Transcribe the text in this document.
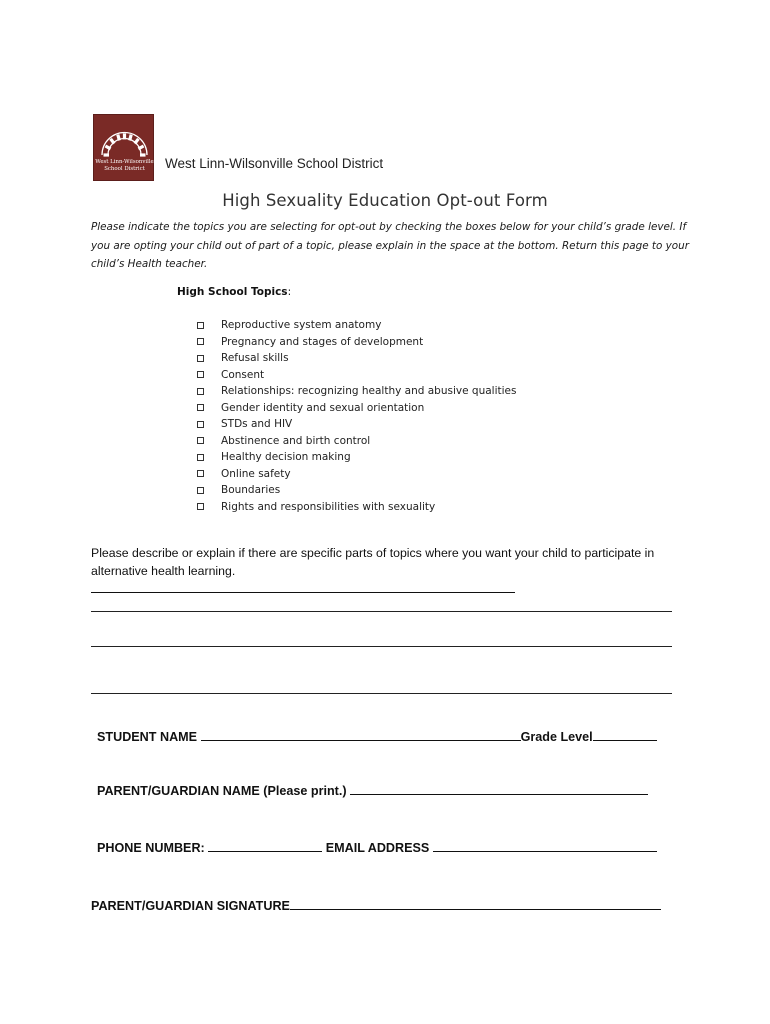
West Linn-Wilsonville
School District	West Linn-Wilsonville School District
High Sexuality Education Opt-out Form
Please indicate the topics you are selecting for opt-out by checking the boxes below for your child’s grade level. If
you are opting your child out of part of a topic, please explain in the space at the bottom. Return this page to your
child’s Health teacher.
High School Topics:
Reproductive system anatomy
Pregnancy and stages of development
Refusal skills
Consent
Relationships: recognizing healthy and abusive qualities
Gender identity and sexual orientation
STDs and HIV
Abstinence and birth control
Healthy decision making
Online safety
Boundaries
Rights and responsibilities with sexuality
Please describe or explain if there are specific parts of topics where you want your child to participate in
alternative health learning.
STUDENT NAME	Grade Level
PARENT/GUARDIAN NAME (Please print.)
PHONE NUMBER:	EMAIL ADDRESS
PARENT/GUARDIAN SIGNATURE
